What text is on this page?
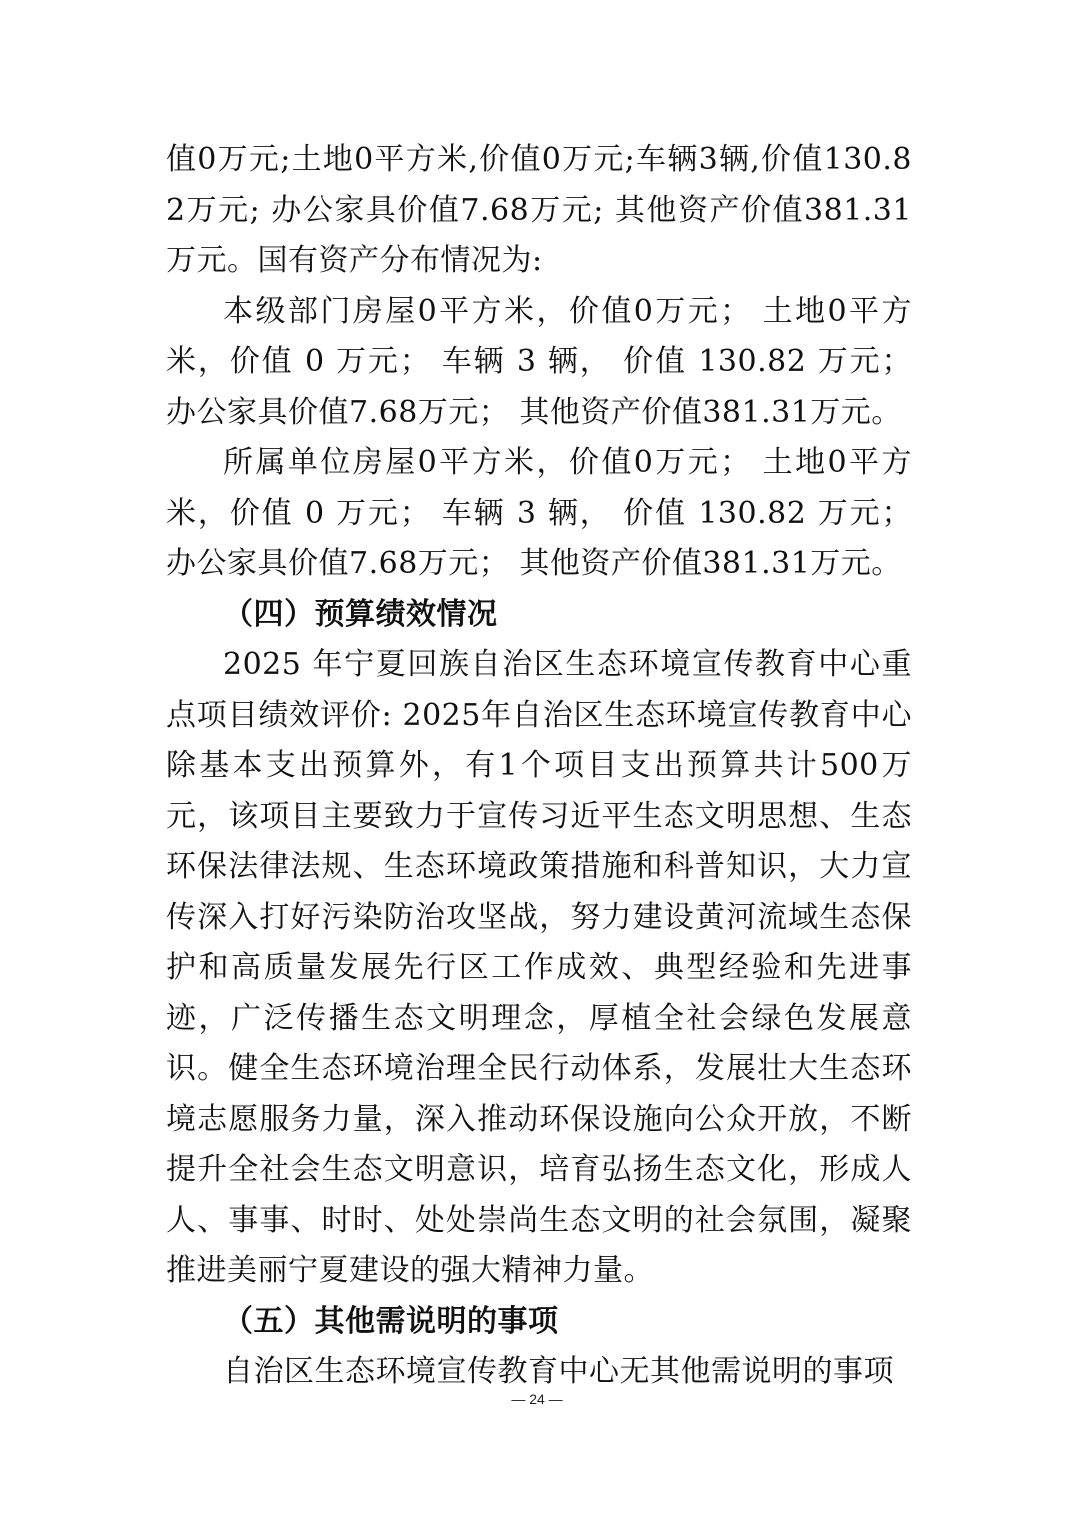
值0万元;土地0平方米,价值0万元;车辆3辆,价值130.82万元; 办公家具价值7.68万元; 其他资产价值381.31万元。国有资产分布情况为:

本级部门房屋0平方米，价值0万元； 土地0平方米，价值 0 万元； 车辆 3 辆， 价值 130.82 万元； 办公家具价值7.68万元； 其他资产价值381.31万元。

所属单位房屋0平方米，价值0万元； 土地0平方米，价值 0 万元； 车辆 3 辆， 价值 130.82 万元； 办公家具价值7.68万元； 其他资产价值381.31万元。

（四）预算绩效情况

2025 年宁夏回族自治区生态环境宣传教育中心重点项目绩效评价: 2025年自治区生态环境宣传教育中心除基本支出预算外，有1个项目支出预算共计500万元，该项目主要致力于宣传习近平生态文明思想、生态环保法律法规、生态环境政策措施和科普知识，大力宣传深入打好污染防治攻坚战，努力建设黄河流域生态保护和高质量发展先行区工作成效、典型经验和先进事迹，广泛传播生态文明理念，厚植全社会绿色发展意识。健全生态环境治理全民行动体系，发展壮大生态环境志愿服务力量，深入推动环保设施向公众开放，不断提升全社会生态文明意识，培育弘扬生态文化，形成人人、事事、时时、处处崇尚生态文明的社会氛围，凝聚推进美丽宁夏建设的强大精神力量。

（五）其他需说明的事项

自治区生态环境宣传教育中心无其他需说明的事项

— 24 —
